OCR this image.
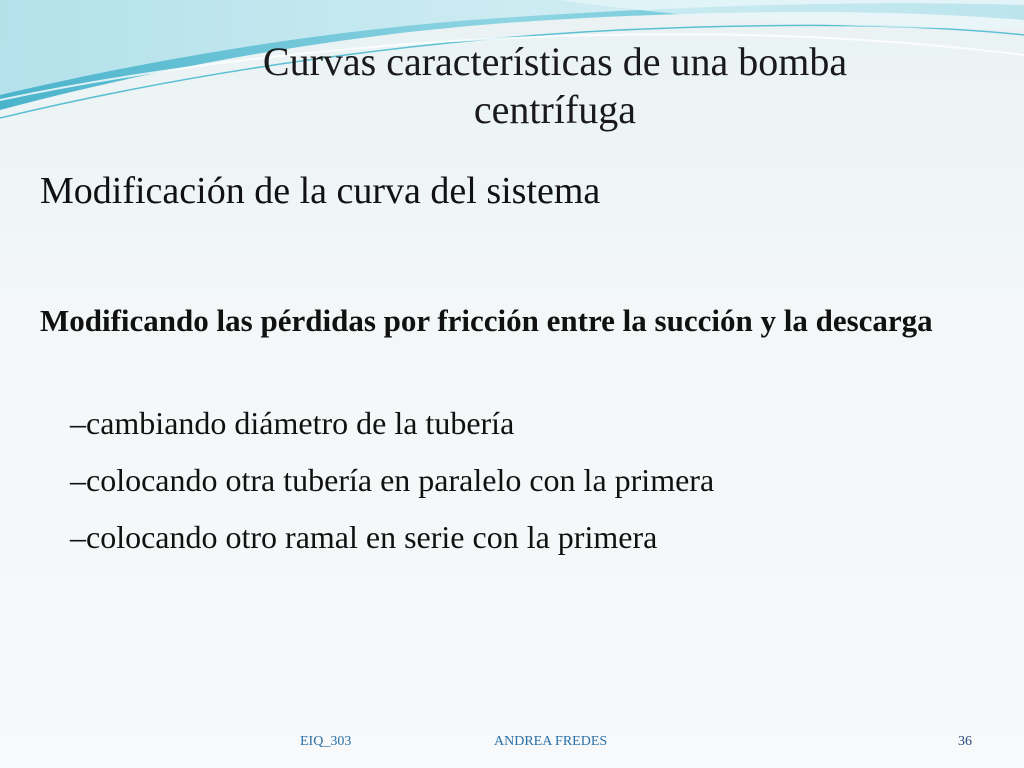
Curvas características de una bomba centrífuga
Modificación de la curva del sistema
Modificando las pérdidas por fricción entre la succión y la descarga
–cambiando diámetro de la tubería
–colocando otra tubería en paralelo con la primera
–colocando otro ramal en serie con la primera
EIQ_303	ANDREA FREDES	36
